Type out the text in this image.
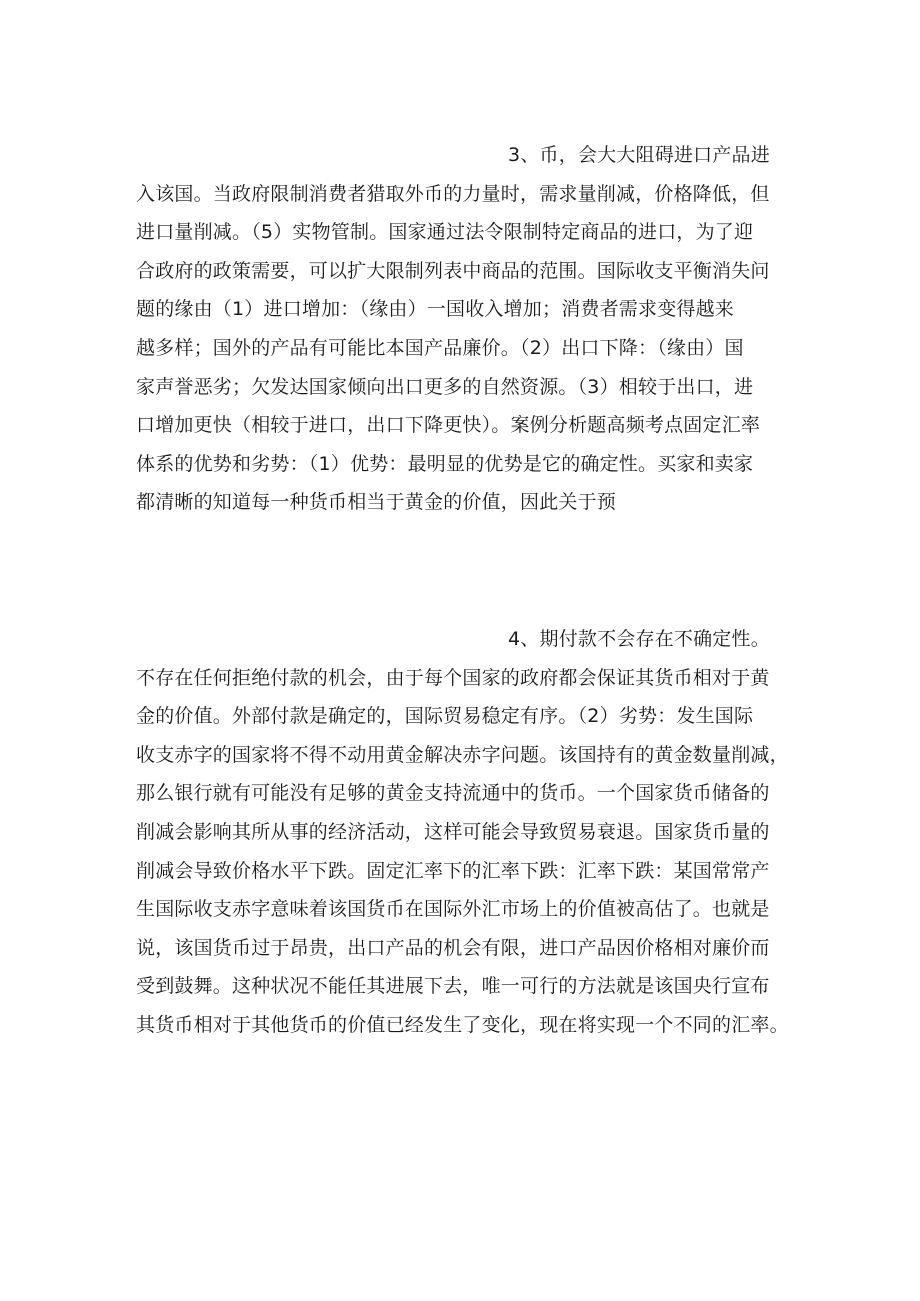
3、币，会大大阻碍进口产品进
入该国。当政府限制消费者猎取外币的力量时，需求量削减，价格降低，但
进口量削减。（5）实物管制。国家通过法令限制特定商品的进口，为了迎
合政府的政策需要，可以扩大限制列表中商品的范围。国际收支平衡消失问
题的缘由（1）进口增加：（缘由）一国收入增加；消费者需求变得越来
越多样；国外的产品有可能比本国产品廉价。（2）出口下降：（缘由）国
家声誉恶劣；欠发达国家倾向出口更多的自然资源。（3）相较于出口，进
口增加更快（相较于进口，出口下降更快）。案例分析题高频考点固定汇率
体系的优势和劣势：（1）优势：最明显的优势是它的确定性。买家和卖家
都清晰的知道每一种货币相当于黄金的价值，因此关于预
4、期付款不会存在不确定性。
不存在任何拒绝付款的机会，由于每个国家的政府都会保证其货币相对于黄
金的价值。外部付款是确定的，国际贸易稳定有序。（2）劣势：发生国际
收支赤字的国家将不得不动用黄金解决赤字问题。该国持有的黄金数量削减，
那么银行就有可能没有足够的黄金支持流通中的货币。一个国家货币储备的
削减会影响其所从事的经济活动，这样可能会导致贸易衰退。国家货币量的
削减会导致价格水平下跌。固定汇率下的汇率下跌：汇率下跌：某国常常产
生国际收支赤字意味着该国货币在国际外汇市场上的价值被高估了。也就是
说，该国货币过于昂贵，出口产品的机会有限，进口产品因价格相对廉价而
受到鼓舞。这种状况不能任其进展下去，唯一可行的方法就是该国央行宣布
其货币相对于其他货币的价值已经发生了变化，现在将实现一个不同的汇率。
